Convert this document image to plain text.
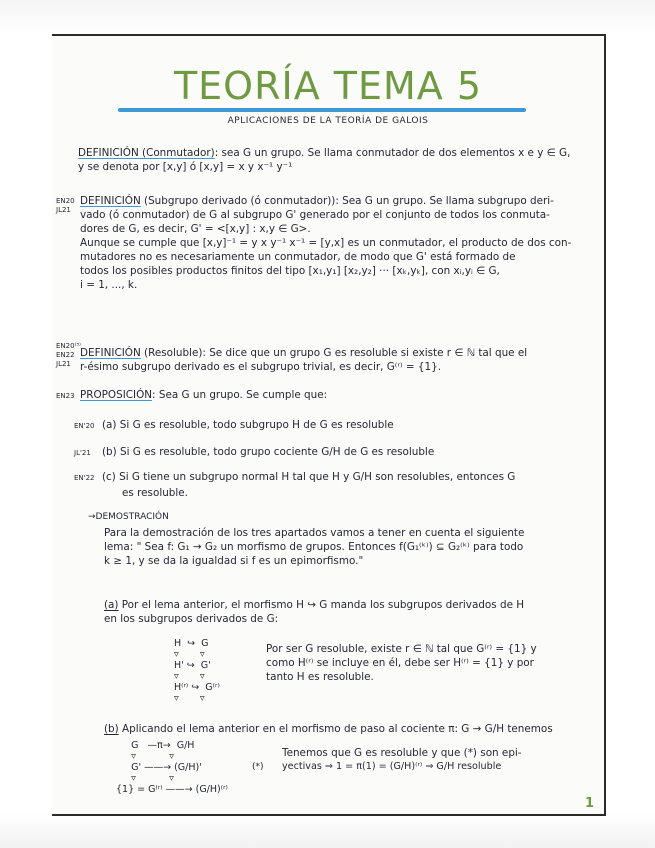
TEORÍA TEMA 5
APLICACIONES DE LA TEORÍA DE GALOIS
DEFINICIÓN (Conmutador): sea G un grupo. Se llama conmutador de dos elementos x e y ∈ G,
y se denota por [x,y] ó [x,y] = x y x⁻¹ y⁻¹
EN20
JL21
DEFINICIÓN (Subgrupo derivado (ó conmutador)): Sea G un grupo. Se llama subgrupo deri-
vado (ó conmutador) de G al subgrupo G' generado por el conjunto de todos los conmuta-
dores de G, es decir, G' = <[x,y] : x,y ∈ G>.
Aunque se cumple que [x,y]⁻¹ = y x y⁻¹ x⁻¹ = [y,x] es un conmutador, el producto de dos con-
mutadores no es necesariamente un conmutador, de modo que G' está formado de
todos los posibles productos finitos del tipo [x₁,y₁] [x₂,y₂] ··· [xₖ,yₖ], con xᵢ,yᵢ ∈ G,
i = 1, ..., k.
EN20⁽³⁾
EN22
JL21
DEFINICIÓN (Resoluble): Se dice que un grupo G es resoluble si existe r ∈ ℕ tal que el
r-ésimo subgrupo derivado es el subgrupo trivial, es decir, G⁽ʳ⁾ = {1}.
EN23 PROPOSICIÓN: Sea G un grupo. Se cumple que:
EN'20 (a) Si G es resoluble, todo subgrupo H de G es resoluble
JL'21 (b) Si G es resoluble, todo grupo cociente G/H de G es resoluble
EN'22 (c) Si G tiene un subgrupo normal H tal que H y G/H son resolubles, entonces G
es resoluble.
→DEMOSTRACIÓN
Para la demostración de los tres apartados vamos a tener en cuenta el siguiente
lema: " Sea f: G₁ → G₂ un morfismo de grupos. Entonces f(G₁⁽ᵏ⁾) ⊆ G₂⁽ᵏ⁾ para todo
k ≥ 1, y se da la igualdad si f es un epimorfismo."
(a) Por el lema anterior, el morfismo H ↪ G manda los subgrupos derivados de H
en los subgrupos derivados de G:
H  ↪  G
▿       ▿
H' ↪  G'
▿       ▿
H⁽ʳ⁾ ↪  G⁽ʳ⁾
▿       ▿
Por ser G resoluble, existe r ∈ ℕ tal que G⁽ʳ⁾ = {1} y
como H⁽ʳ⁾ se incluye en él, debe ser H⁽ʳ⁾ = {1} y por
tanto H es resoluble.
(b) Aplicando el lema anterior en el morfismo de paso al cociente π: G → G/H tenemos
G   —π→  G/H
▿           ▿
G' ——→ (G/H)'
▿           ▿
{1} = G⁽ʳ⁾ ——→ (G/H)⁽ʳ⁾
(*)
Tenemos que G es resoluble y que (*) son epi-
yectivas ⇒ 1 = π(1) = (G/H)⁽ʳ⁾ ⇒ G/H resoluble
1
